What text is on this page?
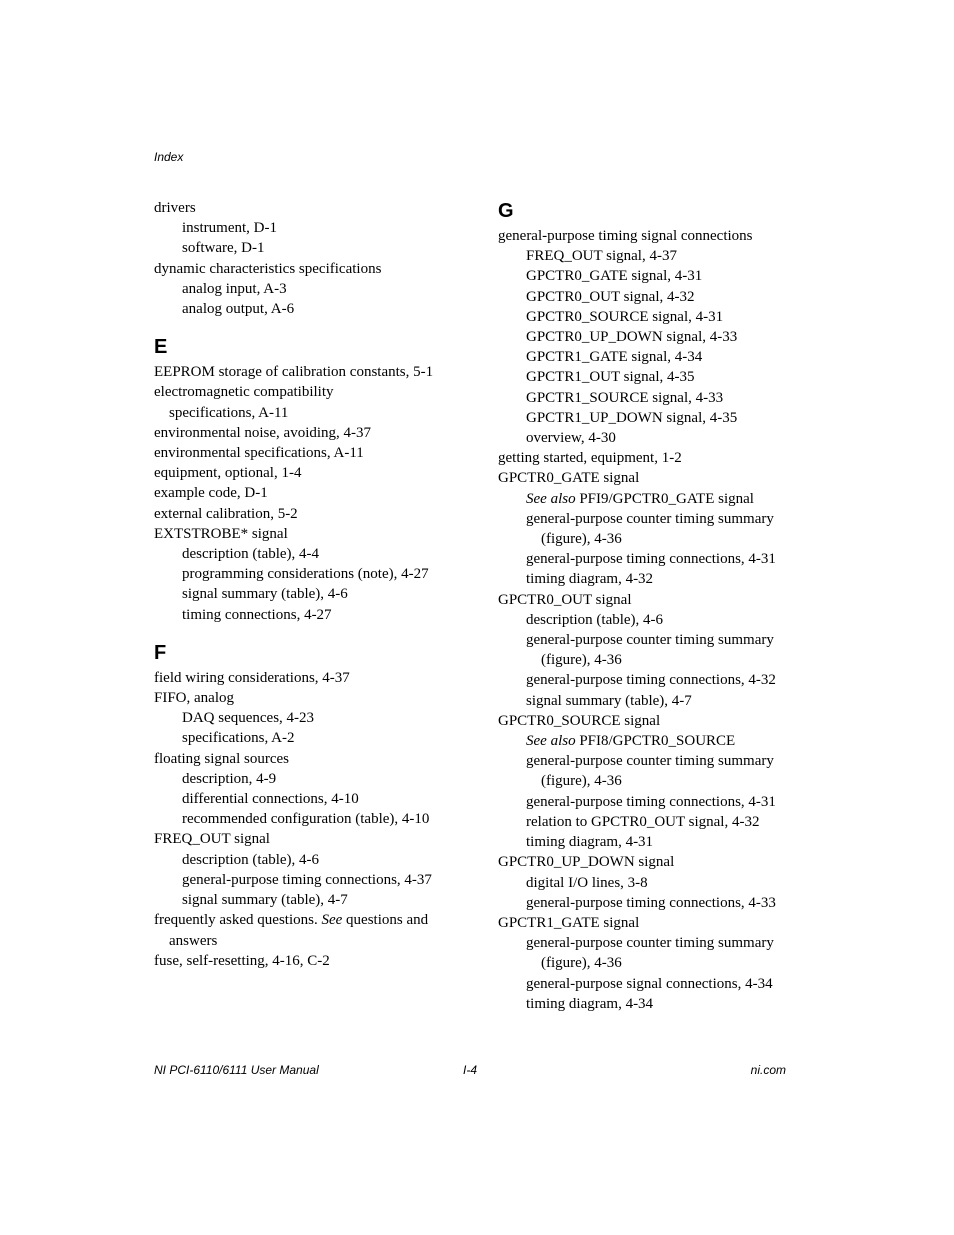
Index
drivers
instrument, D-1
software, D-1
dynamic characteristics specifications
analog input, A-3
analog output, A-6
E
EEPROM storage of calibration constants, 5-1
electromagnetic compatibility
specifications, A-11
environmental noise, avoiding, 4-37
environmental specifications, A-11
equipment, optional, 1-4
example code, D-1
external calibration, 5-2
EXTSTROBE* signal
description (table), 4-4
programming considerations (note), 4-27
signal summary (table), 4-6
timing connections, 4-27
F
field wiring considerations, 4-37
FIFO, analog
DAQ sequences, 4-23
specifications, A-2
floating signal sources
description, 4-9
differential connections, 4-10
recommended configuration (table), 4-10
FREQ_OUT signal
description (table), 4-6
general-purpose timing connections, 4-37
signal summary (table), 4-7
frequently asked questions. See questions and
answers
fuse, self-resetting, 4-16, C-2
G
general-purpose timing signal connections
FREQ_OUT signal, 4-37
GPCTR0_GATE signal, 4-31
GPCTR0_OUT signal, 4-32
GPCTR0_SOURCE signal, 4-31
GPCTR0_UP_DOWN signal, 4-33
GPCTR1_GATE signal, 4-34
GPCTR1_OUT signal, 4-35
GPCTR1_SOURCE signal, 4-33
GPCTR1_UP_DOWN signal, 4-35
overview, 4-30
getting started, equipment, 1-2
GPCTR0_GATE signal
See also PFI9/GPCTR0_GATE signal
general-purpose counter timing summary
(figure), 4-36
general-purpose timing connections, 4-31
timing diagram, 4-32
GPCTR0_OUT signal
description (table), 4-6
general-purpose counter timing summary
(figure), 4-36
general-purpose timing connections, 4-32
signal summary (table), 4-7
GPCTR0_SOURCE signal
See also PFI8/GPCTR0_SOURCE
general-purpose counter timing summary
(figure), 4-36
general-purpose timing connections, 4-31
relation to GPCTR0_OUT signal, 4-32
timing diagram, 4-31
GPCTR0_UP_DOWN signal
digital I/O lines, 3-8
general-purpose timing connections, 4-33
GPCTR1_GATE signal
general-purpose counter timing summary
(figure), 4-36
general-purpose signal connections, 4-34
timing diagram, 4-34
NI PCI-6110/6111 User Manual	I-4	ni.com
